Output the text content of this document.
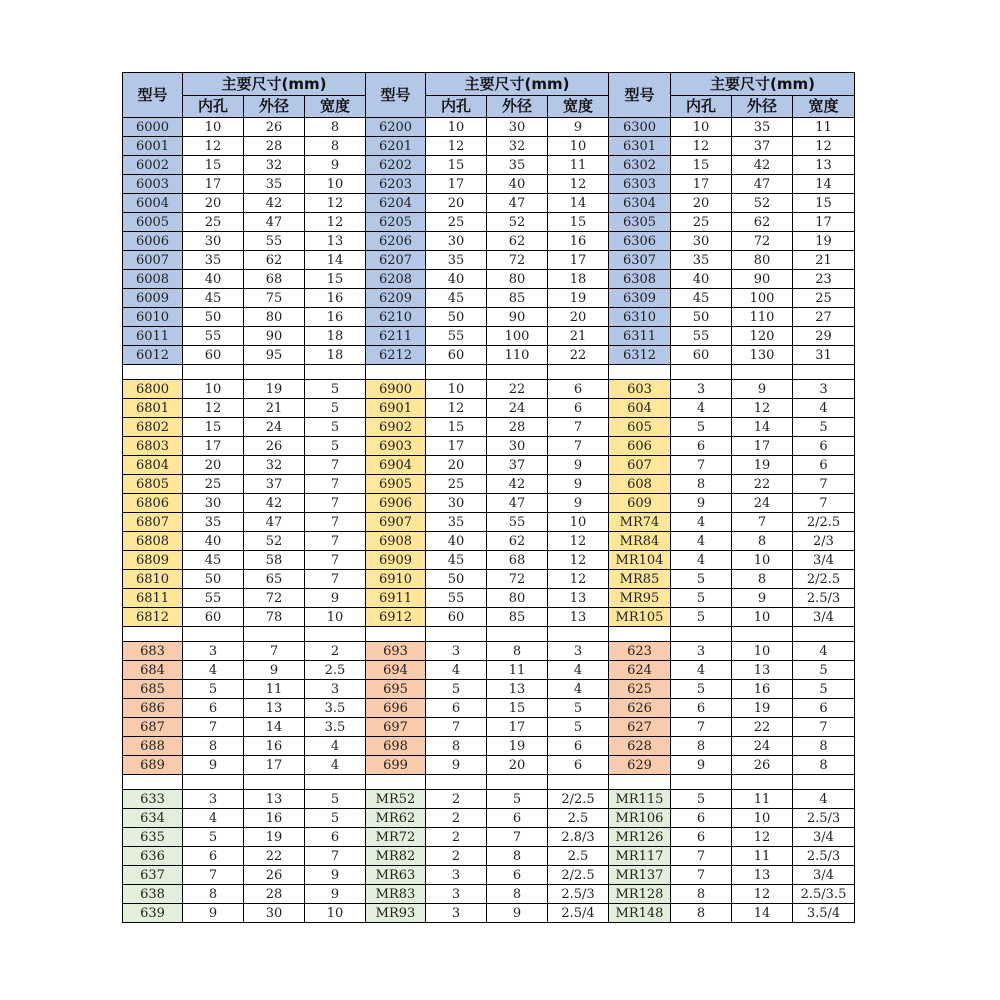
型号	主要尺寸(mm)			型号	主要尺寸(mm)			型号	主要尺寸(mm)		
	内孔	外径	宽度		内孔	外径	宽度		内孔	外径	宽度
6000	10	26	8	6200	10	30	9	6300	10	35	11
6001	12	28	8	6201	12	32	10	6301	12	37	12
6002	15	32	9	6202	15	35	11	6302	15	42	13
6003	17	35	10	6203	17	40	12	6303	17	47	14
6004	20	42	12	6204	20	47	14	6304	20	52	15
6005	25	47	12	6205	25	52	15	6305	25	62	17
6006	30	55	13	6206	30	62	16	6306	30	72	19
6007	35	62	14	6207	35	72	17	6307	35	80	21
6008	40	68	15	6208	40	80	18	6308	40	90	23
6009	45	75	16	6209	45	85	19	6309	45	100	25
6010	50	80	16	6210	50	90	20	6310	50	110	27
6011	55	90	18	6211	55	100	21	6311	55	120	29
6012	60	95	18	6212	60	110	22	6312	60	130	31

6800	10	19	5	6900	10	22	6	603	3	9	3
6801	12	21	5	6901	12	24	6	604	4	12	4
6802	15	24	5	6902	15	28	7	605	5	14	5
6803	17	26	5	6903	17	30	7	606	6	17	6
6804	20	32	7	6904	20	37	9	607	7	19	6
6805	25	37	7	6905	25	42	9	608	8	22	7
6806	30	42	7	6906	30	47	9	609	9	24	7
6807	35	47	7	6907	35	55	10	MR74	4	7	2/2.5
6808	40	52	7	6908	40	62	12	MR84	4	8	2/3
6809	45	58	7	6909	45	68	12	MR104	4	10	3/4
6810	50	65	7	6910	50	72	12	MR85	5	8	2/2.5
6811	55	72	9	6911	55	80	13	MR95	5	9	2.5/3
6812	60	78	10	6912	60	85	13	MR105	5	10	3/4

683	3	7	2	693	3	8	3	623	3	10	4
684	4	9	2.5	694	4	11	4	624	4	13	5
685	5	11	3	695	5	13	4	625	5	16	5
686	6	13	3.5	696	6	15	5	626	6	19	6
687	7	14	3.5	697	7	17	5	627	7	22	7
688	8	16	4	698	8	19	6	628	8	24	8
689	9	17	4	699	9	20	6	629	9	26	8

633	3	13	5	MR52	2	5	2/2.5	MR115	5	11	4
634	4	16	5	MR62	2	6	2.5	MR106	6	10	2.5/3
635	5	19	6	MR72	2	7	2.8/3	MR126	6	12	3/4
636	6	22	7	MR82	2	8	2.5	MR117	7	11	2.5/3
637	7	26	9	MR63	3	6	2/2.5	MR137	7	13	3/4
638	8	28	9	MR83	3	8	2.5/3	MR128	8	12	2.5/3.5
639	9	30	10	MR93	3	9	2.5/4	MR148	8	14	3.5/4
